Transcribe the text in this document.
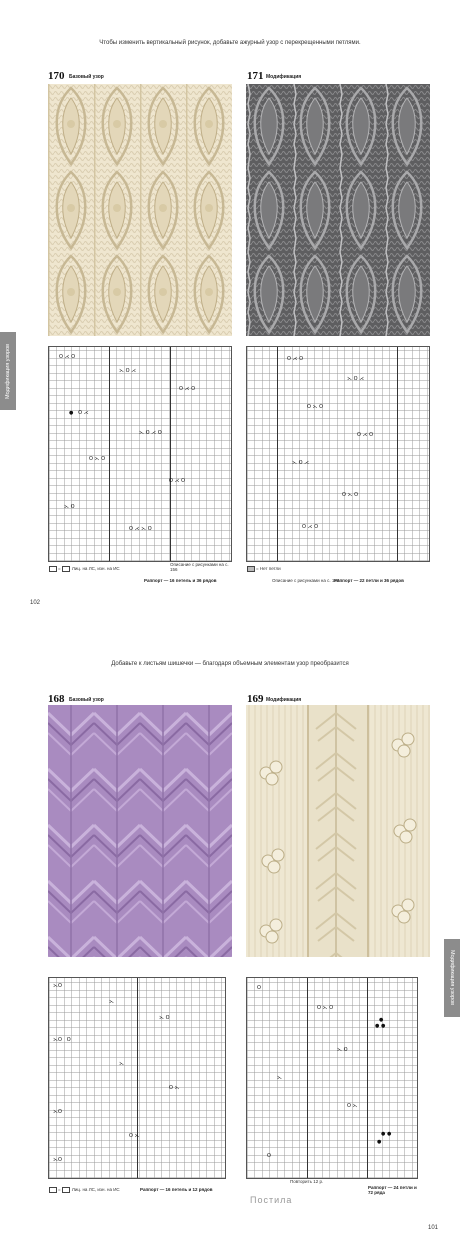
Чтобы изменить вертикальный рисунок, добавьте ажурный узор с перекрещенными петлями.
170 Базовый узор	171 Модификация
O ⋌ O
⋋ O ⋌
O ⋌ O
●   O ⋌
⋋ O ⋌ O
O ⋋ O
O ⋌ O
⋋ O
O ⋌ ⋋ O
O ⋌ O
⋋ O ⋌
O ⋋ O
O ⋌ O
⋋ O ⋌
O ⋋ O
O ⋌ O
=	Лиц. на ЛС, изн. на ИС
Описание с рисунками на с. 156
Раппорт — 16 петель и 36 рядов
= Нет петли
Описание с рисунками на с. 156
Раппорт — 22 петли и 36 рядов
Модификация узоров
102
Добавьте к листьям шишечки — благодаря объемным элементам узор преобразится
168 Базовый узор	169 Модификация
⋋O
⋋
⋋ O
⋋O   O
⋋
O ⋋
⋋O
O ⋋
⋋O
O
O ⋋ O
●
● ●
⋋ O
⋋
O ⋋
● ●
●
O
=	Лиц. на ЛС, изн. на ИС	Раппорт — 16 петель и 12 рядов
Повторить 12 р.
Раппорт — 24 петли и 72 ряда
Постила
Модификация узоров
101
